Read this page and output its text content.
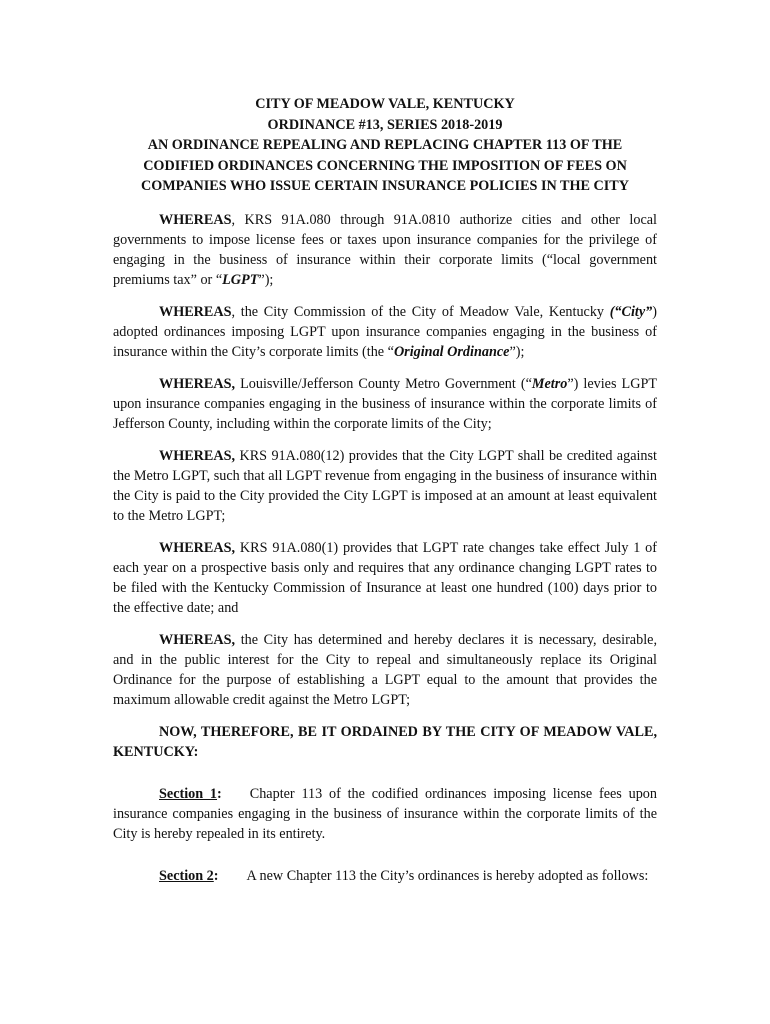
CITY OF MEADOW VALE, KENTUCKY
ORDINANCE #13, SERIES 2018-2019
AN ORDINANCE REPEALING AND REPLACING CHAPTER 113 OF THE
CODIFIED ORDINANCES CONCERNING THE IMPOSITION OF FEES ON
COMPANIES WHO ISSUE CERTAIN INSURANCE POLICIES IN THE CITY

WHEREAS, KRS 91A.080 through 91A.0810 authorize cities and other local governments to impose license fees or taxes upon insurance companies for the privilege of engaging in the business of insurance within their corporate limits (“local government premiums tax” or “LGPT”);

WHEREAS, the City Commission of the City of Meadow Vale, Kentucky (“City”) adopted ordinances imposing LGPT upon insurance companies engaging in the business of insurance within the City’s corporate limits (the “Original Ordinance”);

WHEREAS, Louisville/Jefferson County Metro Government (“Metro”) levies LGPT upon insurance companies engaging in the business of insurance within the corporate limits of Jefferson County, including within the corporate limits of the City;

WHEREAS, KRS 91A.080(12) provides that the City LGPT shall be credited against the Metro LGPT, such that all LGPT revenue from engaging in the business of insurance within the City is paid to the City provided the City LGPT is imposed at an amount at least equivalent to the Metro LGPT;

WHEREAS, KRS 91A.080(1) provides that LGPT rate changes take effect July 1 of each year on a prospective basis only and requires that any ordinance changing LGPT rates to be filed with the Kentucky Commission of Insurance at least one hundred (100) days prior to the effective date; and

WHEREAS, the City has determined and hereby declares it is necessary, desirable, and in the public interest for the City to repeal and simultaneously replace its Original Ordinance for the purpose of establishing a LGPT equal to the amount that provides the maximum allowable credit against the Metro LGPT;

NOW, THEREFORE, BE IT ORDAINED BY THE CITY OF MEADOW VALE, KENTUCKY:

Section 1: Chapter 113 of the codified ordinances imposing license fees upon insurance companies engaging in the business of insurance within the corporate limits of the City is hereby repealed in its entirety.

Section 2: A new Chapter 113 the City’s ordinances is hereby adopted as follows:
